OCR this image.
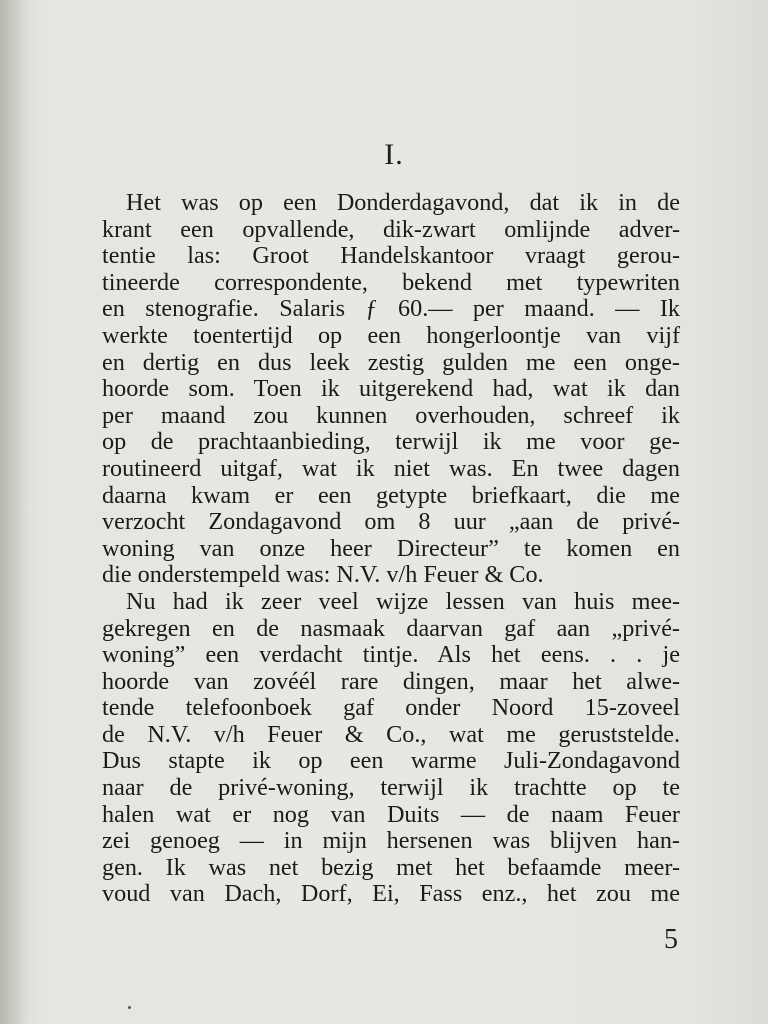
I.
Het was op een Donderdagavond, dat ik in de
krant een opvallende, dik-zwart omlijnde adver-
tentie las: Groot Handelskantoor vraagt gerou-
tineerde correspondente, bekend met typewriten
en stenografie. Salaris ƒ 60.— per maand. — Ik
werkte toentertijd op een hongerloontje van vijf
en dertig en dus leek zestig gulden me een onge-
hoorde som. Toen ik uitgerekend had, wat ik dan
per maand zou kunnen overhouden, schreef ik
op de prachtaanbieding, terwijl ik me voor ge-
routineerd uitgaf, wat ik niet was. En twee dagen
daarna kwam er een getypte briefkaart, die me
verzocht Zondagavond om 8 uur „aan de privé-
woning van onze heer Directeur” te komen en
die onderstempeld was: N.V. v/h Feuer & Co.
Nu had ik zeer veel wijze lessen van huis mee-
gekregen en de nasmaak daarvan gaf aan „privé-
woning” een verdacht tintje. Als het eens. . . je
hoorde van zovéél rare dingen, maar het alwe-
tende telefoonboek gaf onder Noord 15-zoveel
de N.V. v/h Feuer & Co., wat me geruststelde.
Dus stapte ik op een warme Juli-Zondagavond
naar de privé-woning, terwijl ik trachtte op te
halen wat er nog van Duits — de naam Feuer
zei genoeg — in mijn hersenen was blijven han-
gen. Ik was net bezig met het befaamde meer-
voud van Dach, Dorf, Ei, Fass enz., het zou me
5
